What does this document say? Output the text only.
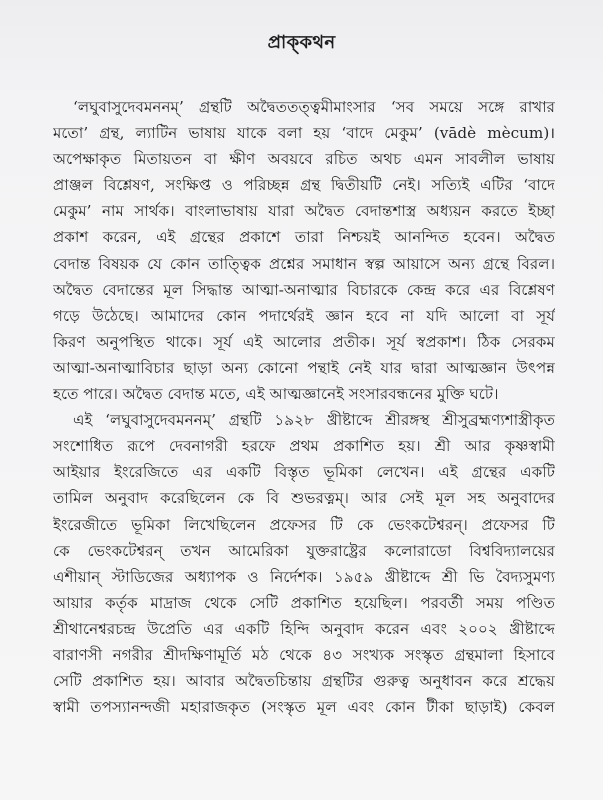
প্রাক্‌কথন
‘লঘুবাসুদেবমননম্’ গ্রন্থটি অদ্বৈততত্ত্বমীমাংসার ‘সব সময়ে সঙ্গে রাখার
মতো’ গ্রন্থ, ল্যাটিন ভাষায় যাকে বলা হয় ‘বাদে মেকুম’ (vādè mècum)।
অপেক্ষাকৃত মিতায়তন বা ক্ষীণ অবয়বে রচিত অথচ এমন সাবলীল ভাষায়
প্রাঞ্জল বিশ্লেষণ, সংক্ষিপ্ত ও পরিচ্ছন্ন গ্রন্থ দ্বিতীয়টি নেই। সত্যিই এটির ‘বাদে
মেকুম’ নাম সার্থক। বাংলাভাষায় যারা অদ্বৈত বেদান্তশাস্ত্র অধ্যয়ন করতে ইচ্ছা
প্রকাশ করেন, এই গ্রন্থের প্রকাশে তারা নিশ্চয়ই আনন্দিত হবেন। অদ্বৈত
বেদান্ত বিষয়ক যে কোন তাত্ত্বিক প্রশ্নের সমাধান স্বল্প আয়াসে অন্য গ্রন্থে বিরল।
অদ্বৈত বেদান্তের মূল সিদ্ধান্ত আত্মা-অনাত্মার বিচারকে কেন্দ্র করে এর বিশ্লেষণ
গড়ে উঠেছে। আমাদের কোন পদার্থেরই জ্ঞান হবে না যদি আলো বা সূর্য
কিরণ অনুপস্থিত থাকে। সূর্য এই আলোর প্রতীক। সূর্য স্বপ্রকাশ। ঠিক সেরকম
আত্মা-অনাত্মাবিচার ছাড়া অন্য কোনো পন্থাই নেই যার দ্বারা আত্মজ্ঞান উৎপন্ন
হতে পারে। অদ্বৈত বেদান্ত মতে, এই আত্মজ্ঞানেই সংসারবন্ধনের মুক্তি ঘটে।
এই ‘লঘুবাসুদেবমননম্’ গ্রন্থটি ১৯২৮ খ্রীষ্টাব্দে শ্রীরঙ্গস্থ শ্রীসুব্রহ্মণ্যশাস্ত্রীকৃত
সংশোধিত রূপে দেবনাগরী হরফে প্রথম প্রকাশিত হয়। শ্রী আর কৃষ্ণস্বামী
আইয়ার ইংরেজিতে এর একটি বিস্তৃত ভূমিকা লেখেন। এই গ্রন্থের একটি
তামিল অনুবাদ করেছিলেন কে বি শুভরত্নম্। আর সেই মূল সহ অনুবাদের
ইংরেজীতে ভূমিকা লিখেছিলেন প্রফেসর টি কে ভেংকটেশ্বরন্। প্রফেসর টি
কে ভেংকটেশ্বরন্ তখন আমেরিকা যুক্তরাষ্ট্রের কলোরাডো বিশ্ববিদ্যালয়ের
এশীয়ান্ স্টাডিজের অধ্যাপক ও নির্দেশক। ১৯৫৯ খ্রীষ্টাব্দে শ্রী ভি বৈদ্যসুমণ্য
আয়ার কর্তৃক মাদ্রাজ থেকে সেটি প্রকাশিত হয়েছিল। পরবর্তী সময় পণ্ডিত
শ্রীথানেশ্বরচন্দ্র উপ্রেতি এর একটি হিন্দি অনুবাদ করেন এবং ২০০২ খ্রীষ্টাব্দে
বারাণসী নগরীর শ্রীদক্ষিণামূর্তি মঠ থেকে ৪৩ সংখ্যক সংস্কৃত গ্রন্থমালা হিসাবে
সেটি প্রকাশিত হয়। আবার অদ্বৈতচিন্তায় গ্রন্থটির গুরুত্ব অনুধাবন করে শ্রদ্ধেয়
স্বামী তপস্যানন্দজী মহারাজকৃত (সংস্কৃত মূল এবং কোন টীকা ছাড়াই) কেবল
